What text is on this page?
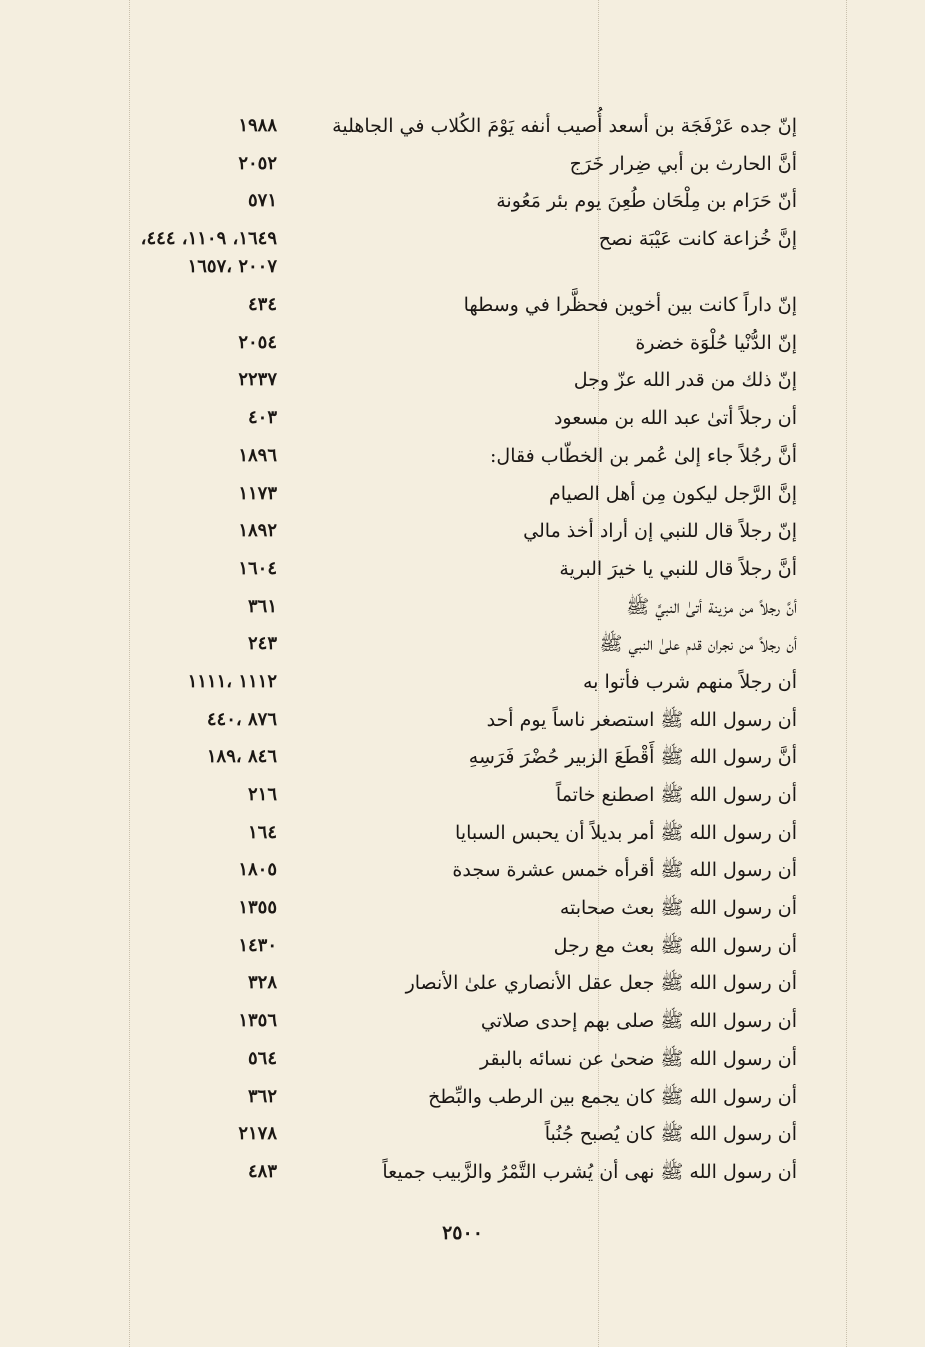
إنّ جده عَرْفَجَة بن أسعد أُصيب أنفه يَوْمَ الكُلاب في الجاهلية
١٩٨٨
أنَّ الحارث بن أبي ضِرار خَرَج
٢٠٥٢
أنّ حَرَام بن مِلْحَان طُعِنَ يوم بئر مَعُونة
٥٧١
إنَّ خُزاعة كانت عَيْبَة نصح
١٦٤٩، ١١٠٩، ٤٤٤،
٢٠٠٧ ،١٦٥٧
إنّ داراً كانت بين أخوين فحظَّرا في وسطها
٤٣٤
إنّ الدُّنْيا حُلْوَة خضرة
٢٠٥٤
إنّ ذلك من قدر الله عزّ وجل
٢٢٣٧
أن رجلاً أتىٰ عبد الله بن مسعود
٤٠٣
أنَّ رجُلاً جاء إلىٰ عُمر بن الخطّاب فقال:
١٨٩٦
إنَّ الرَّجل ليكون مِن أهل الصيام
١١٧٣
إنّ رجلاً قال للنبي إن أراد أخذ مالي
١٨٩٢
أنَّ رجلاً قال للنبي يا خيرَ البرية
١٦٠٤
أنَّ رجلاً من مزينة أتىٰ النبيَّ ﷺ
٣٦١
أن رجلاً من نجران قدم علىٰ النبي ﷺ
٢٤٣
أن رجلاً منهم شرب فأتوا به
١١١٢ ،١١١١
أن رسول الله ﷺ استصغر ناساً يوم أحد
٨٧٦ ،٤٤٠
أنَّ رسول الله ﷺ أَقْطَعَ الزبير حُضْرَ فَرَسِهِ
٨٤٦ ،١٨٩
أن رسول الله ﷺ اصطنع خاتماً
٢١٦
أن رسول الله ﷺ أمر بديلاً أن يحبس السبايا
١٦٤
أن رسول الله ﷺ أقرأه خمس عشرة سجدة
١٨٠٥
أن رسول الله ﷺ بعث صحابته
١٣٥٥
أن رسول الله ﷺ بعث مع رجل
١٤٣٠
أن رسول الله ﷺ جعل عقل الأنصاري علىٰ الأنصار
٣٢٨
أن رسول الله ﷺ صلى بهم إحدى صلاتي
١٣٥٦
أن رسول الله ﷺ ضحىٰ عن نسائه بالبقر
٥٦٤
أن رسول الله ﷺ كان يجمع بين الرطب والبِّطخ
٣٦٢
أن رسول الله ﷺ كان يُصبح جُنُباً
٢١٧٨
أن رسول الله ﷺ نهى أن يُشرب التَّمْرُ والزَّبيب جميعاً
٤٨٣
٢٥٠٠
